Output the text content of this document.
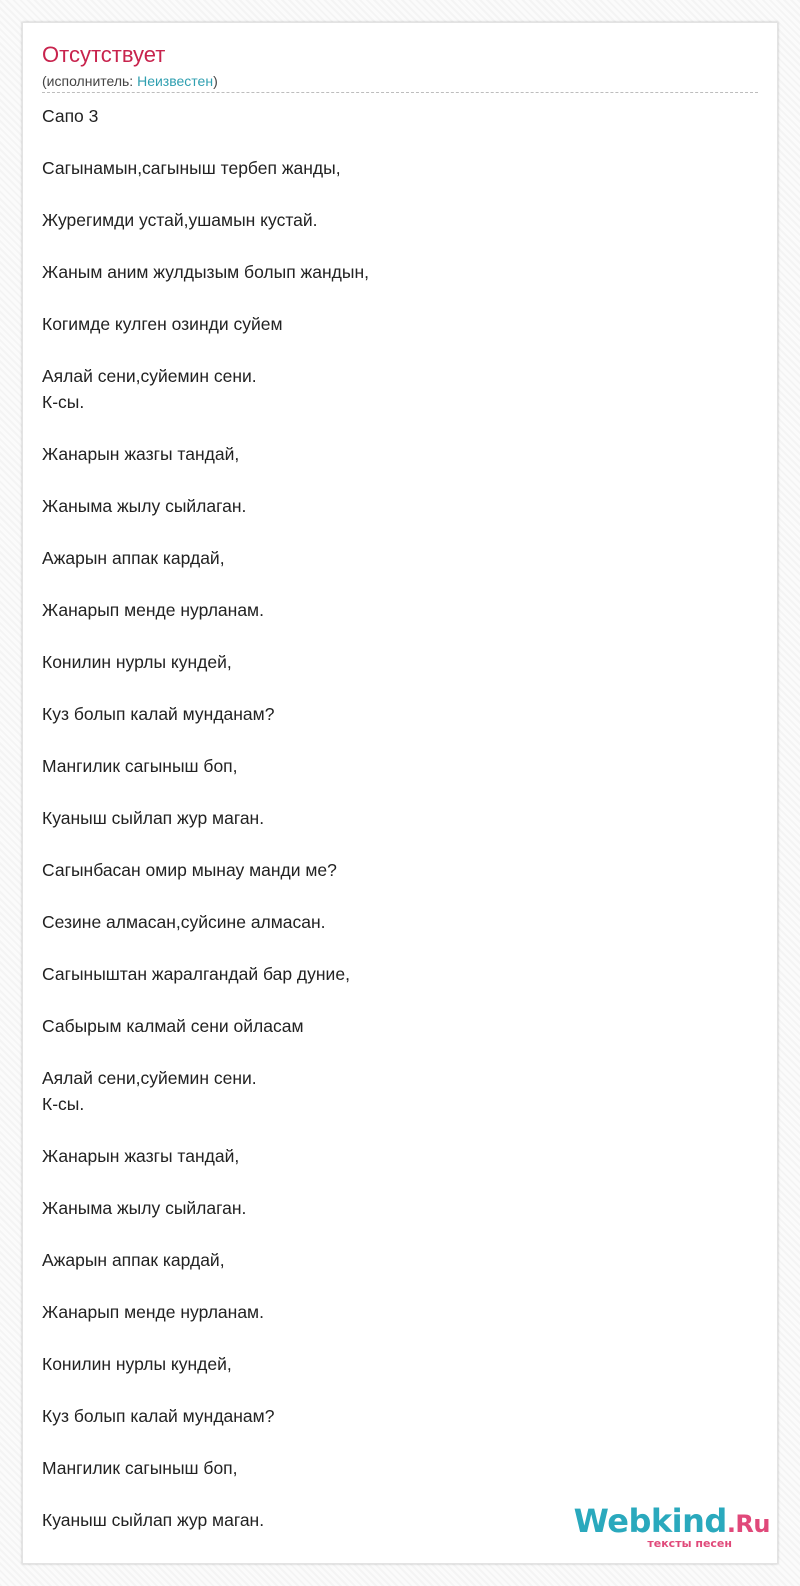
Отсутствует
(исполнитель: Неизвестен)
Сапо 3
Сагынамын,сагыныш тербеп жанды,
Журегимди устай,ушамын кустай.
Жаным аним жулдызым болып жандын,
Когимде кулген озинди суйем
Аялай сени,суйемин сени.
К-сы.
Жанарын жазгы тандай,
Жаныма жылу сыйлаган.
Ажарын аппак кардай,
Жанарып менде нурланам.
Конилин нурлы кундей,
Куз болып калай мунданам?
Мангилик сагыныш боп,
Куаныш сыйлап жур маган.
Сагынбасан омир мынау манди ме?
Сезине алмасан,суйсине алмасан.
Сагыныштан жаралгандай бар дуние,
Сабырым калмай сени ойласам
Аялай сени,суйемин сени.
К-сы.
Жанарын жазгы тандай,
Жаныма жылу сыйлаган.
Ажарын аппак кардай,
Жанарып менде нурланам.
Конилин нурлы кундей,
Куз болып калай мунданам?
Мангилик сагыныш боп,
Куаныш сыйлап жур маган.	Webkind.Ru
тексты песен
